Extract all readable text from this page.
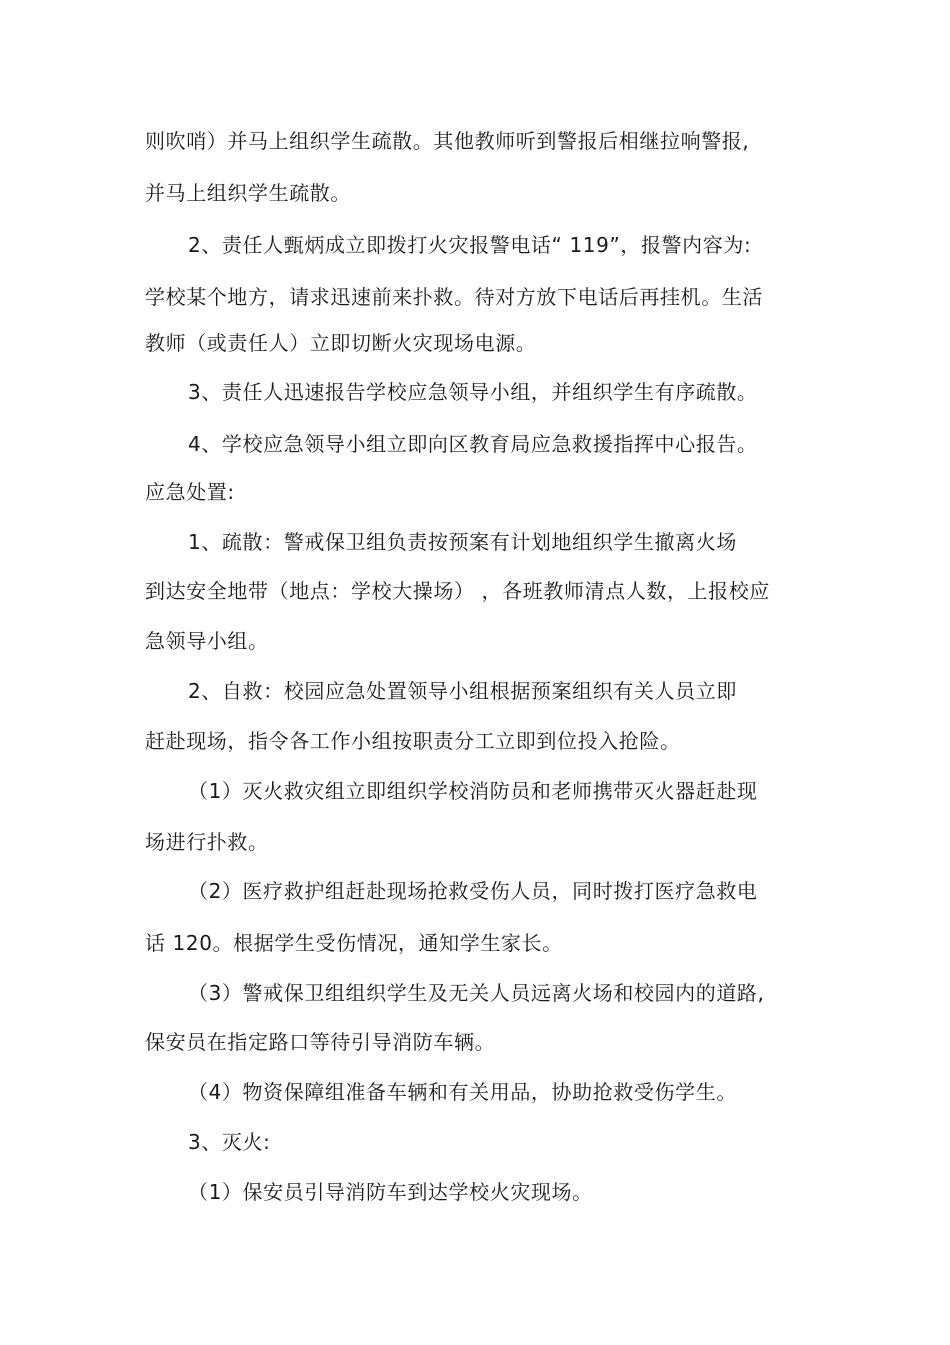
则吹哨）并马上组织学生疏散。其他教师听到警报后相继拉响警报,
并马上组织学生疏散。
2、责任人甄炳成立即拨打火灾报警电话“ 119”，报警内容为:
学校某个地方，请求迅速前来扑救。待对方放下电话后再挂机。生活
教师（或责任人）立即切断火灾现场电源。
3、责任人迅速报告学校应急领导小组，并组织学生有序疏散。
4、学校应急领导小组立即向区教育局应急救援指挥中心报告。
应急处置:
1、疏散：警戒保卫组负责按预案有计划地组织学生撤离火场
到达安全地带（地点：学校大操场） ，各班教师清点人数，上报校应
急领导小组。
2、自救：校园应急处置领导小组根据预案组织有关人员立即
赶赴现场，指令各工作小组按职责分工立即到位投入抢险。
（1）灭火救灾组立即组织学校消防员和老师携带灭火器赶赴现
场进行扑救。
（2）医疗救护组赶赴现场抢救受伤人员，同时拨打医疗急救电
话 120。根据学生受伤情况，通知学生家长。
（3）警戒保卫组组织学生及无关人员远离火场和校园内的道路,
保安员在指定路口等待引导消防车辆。
（4）物资保障组准备车辆和有关用品，协助抢救受伤学生。
3、灭火:
（1）保安员引导消防车到达学校火灾现场。
